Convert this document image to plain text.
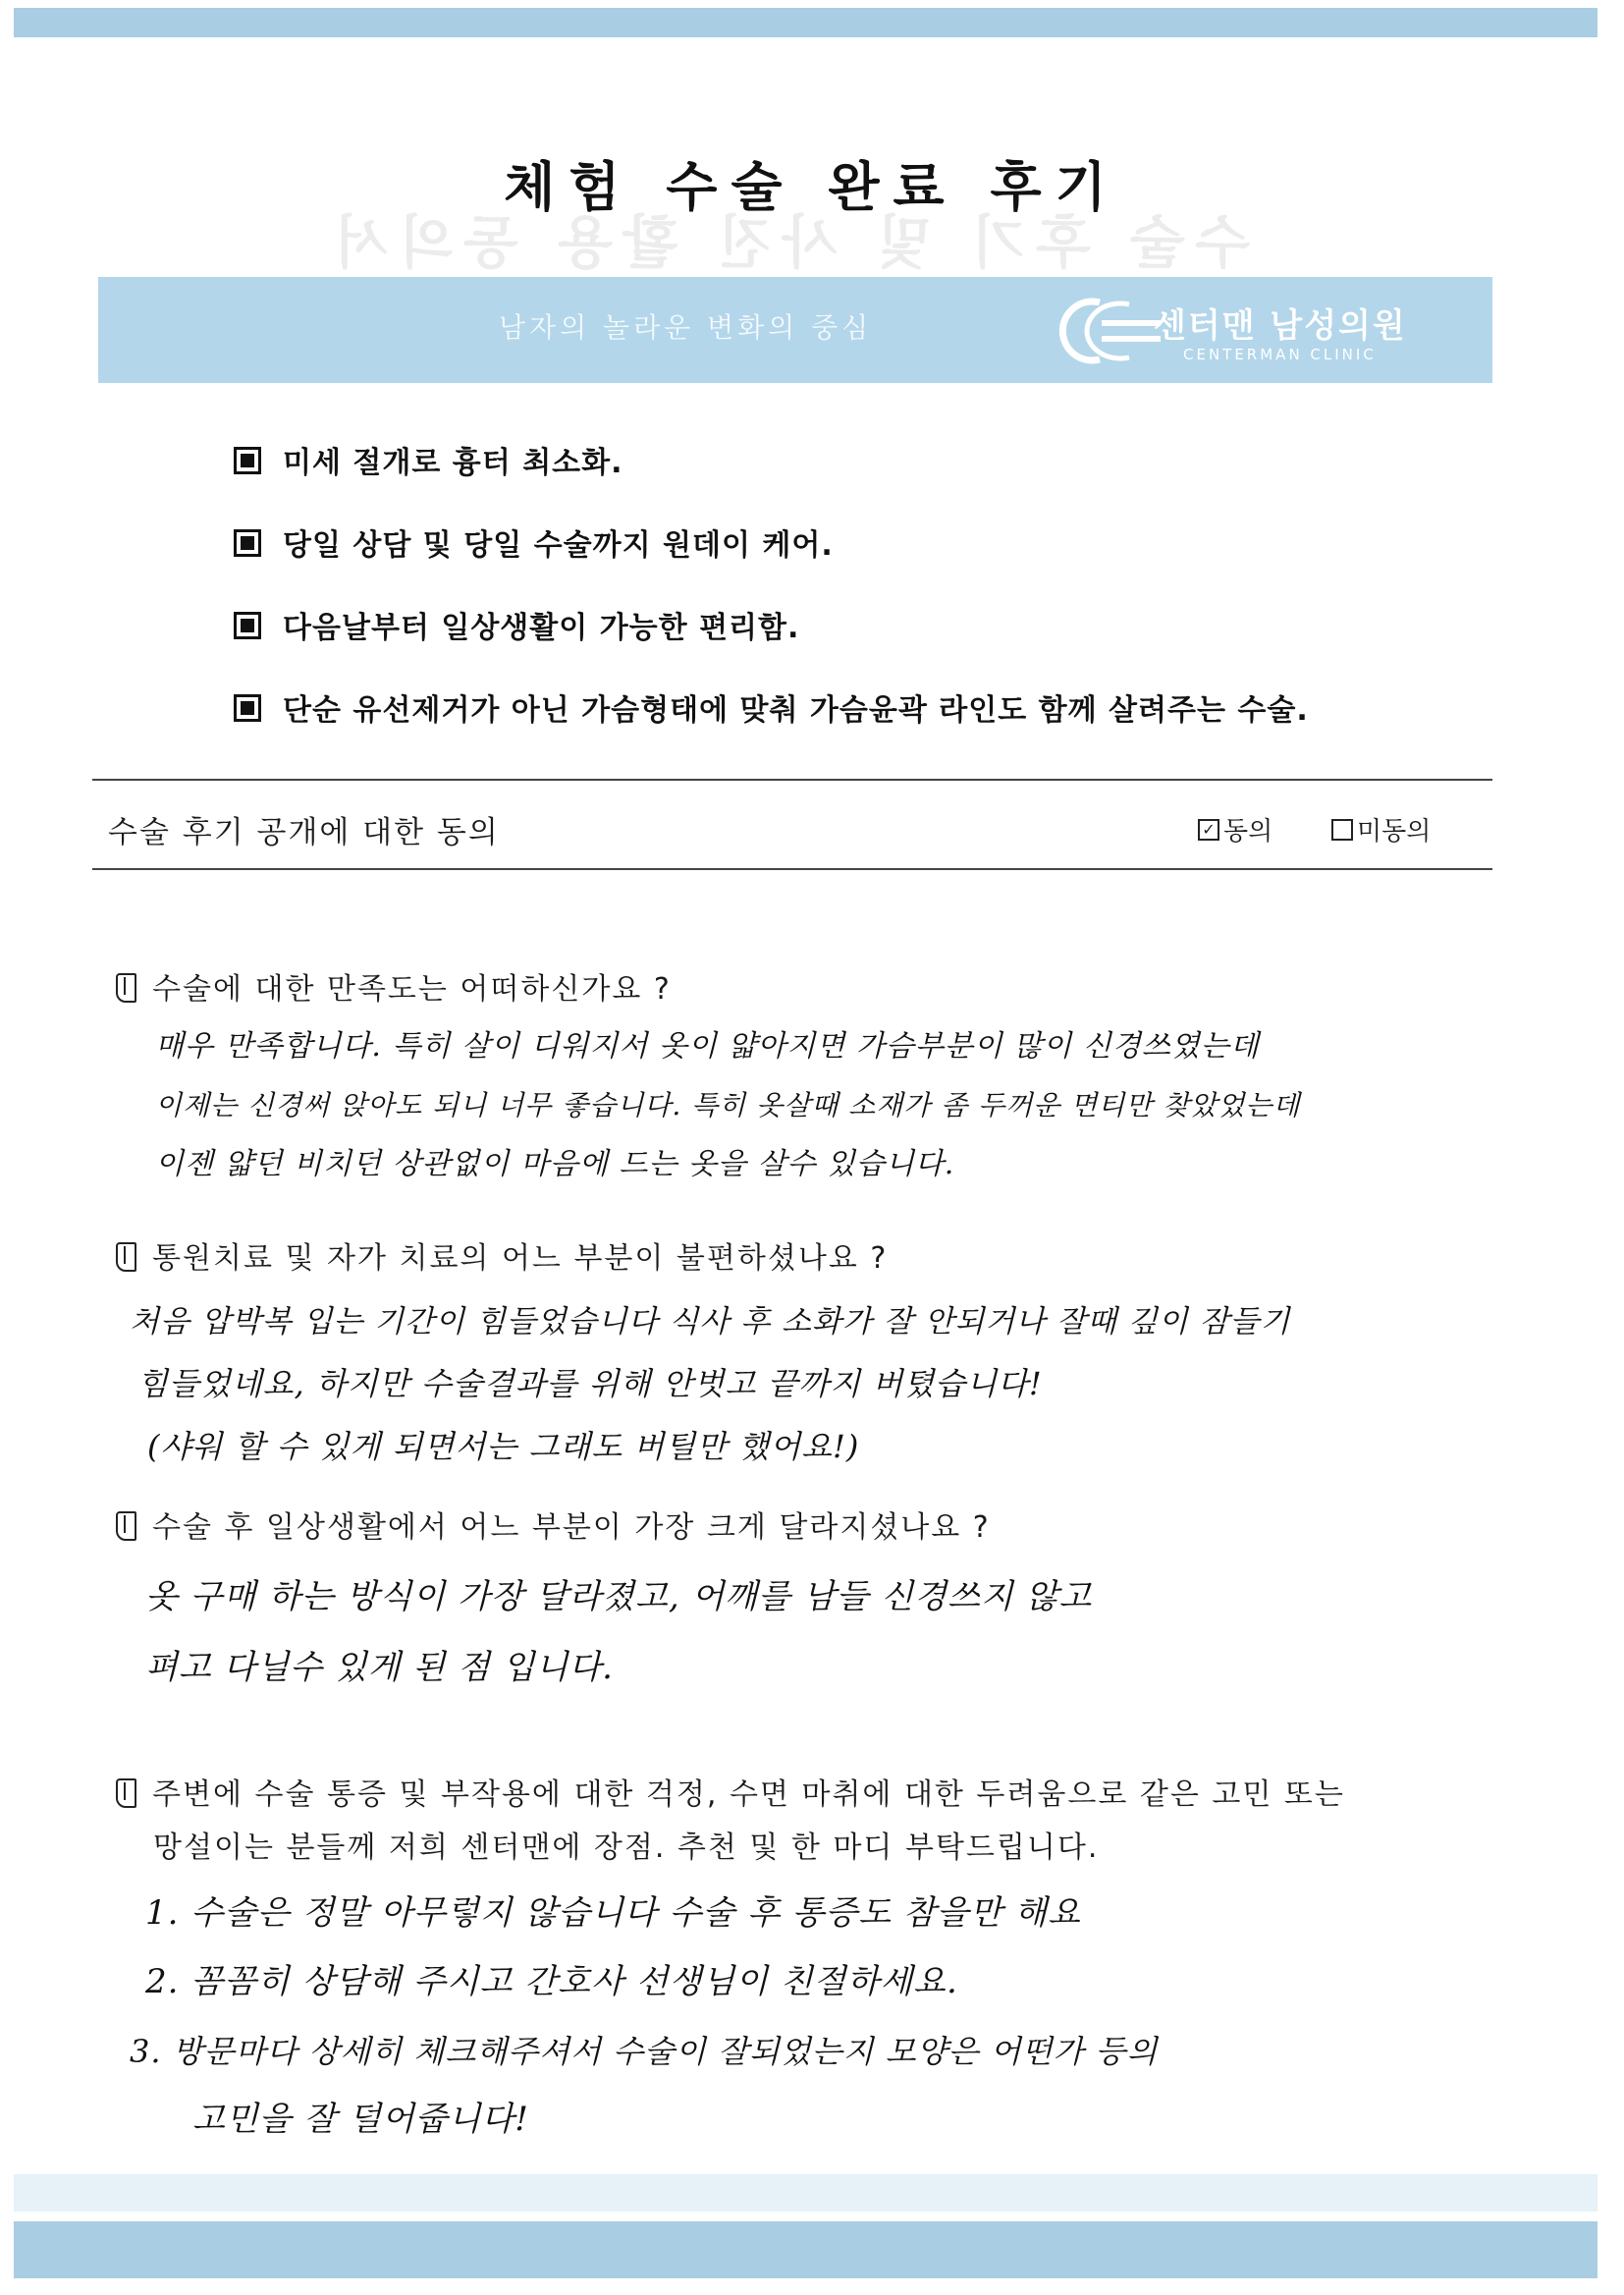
수술 후기 및 사진 활용 동의서
체험 수술 완료 후기
남자의 놀라운 변화의 중심	센터맨 남성의원
CENTERMAN CLINIC
미세 절개로 흉터 최소화.
당일 상담 및 당일 수술까지 원데이 케어.
다음날부터 일상생활이 가능한 편리함.
단순 유선제거가 아닌 가슴형태에 맞춰 가슴윤곽 라인도 함께 살려주는 수술.
수술 후기 공개에 대한 동의	✓ 동의	미동의
수술에 대한 만족도는 어떠하신가요 ?
매우 만족합니다. 특히 살이 디워지서 옷이 얇아지면 가슴부분이 많이 신경쓰였는데
이제는 신경써 앉아도 되니 너무 좋습니다. 특히 옷살때 소재가 좀 두꺼운 면티만 찾았었는데
이젠 얇던 비치던 상관없이 마음에 드는 옷을 살수 있습니다.
통원치료 및 자가 치료의 어느 부분이 불편하셨나요 ?
처음 압박복 입는 기간이 힘들었습니다 식사 후 소화가 잘 안되거나 잘때 깊이 잠들기
힘들었네요, 하지만 수술결과를 위해 안벗고 끝까지 버텼습니다!
(샤워 할 수 있게 되면서는 그래도 버틸만 했어요!)
수술 후 일상생활에서 어느 부분이 가장 크게 달라지셨나요 ?
옷 구매 하는 방식이 가장 달라졌고, 어깨를 남들 신경쓰지 않고
펴고 다닐수 있게 된 점 입니다.
주변에 수술 통증 및 부작용에 대한 걱정, 수면 마취에 대한 두려움으로 같은 고민 또는
망설이는 분들께 저희 센터맨에 장점. 추천 및 한 마디 부탁드립니다.
1. 수술은 정말 아무렇지 않습니다 수술 후 통증도 참을만 해요
2. 꼼꼼히 상담해 주시고 간호사 선생님이 친절하세요.
3. 방문마다 상세히 체크해주셔서 수술이 잘되었는지 모양은 어떤가 등의
고민을 잘 덜어줍니다!
